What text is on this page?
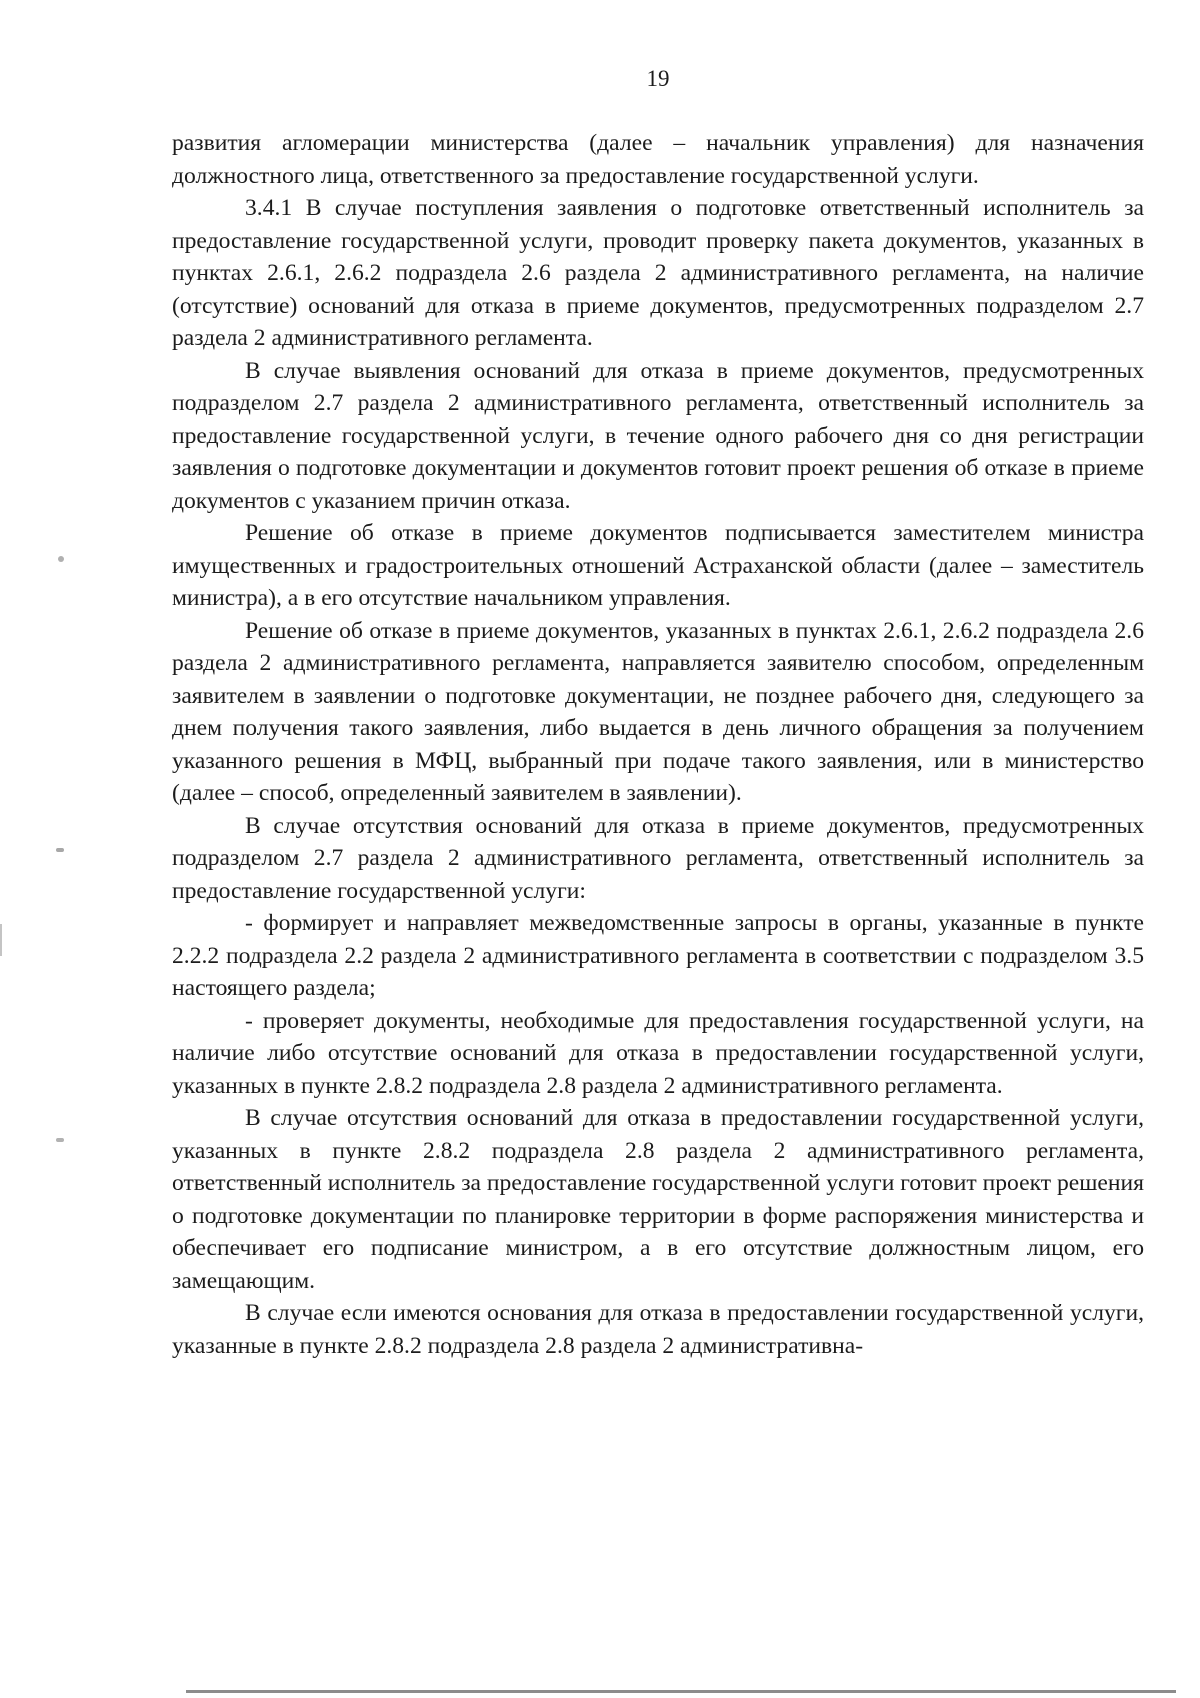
19

развития агломерации министерства (далее – начальник управления) для назначения должностного лица, ответственного за предоставление государственной услуги.

3.4.1 В случае поступления заявления о подготовке ответственный исполнитель за предоставление государственной услуги, проводит проверку пакета документов, указанных в пунктах 2.6.1, 2.6.2 подраздела 2.6 раздела 2 административного регламента, на наличие (отсутствие) оснований для отказа в приеме документов, предусмотренных подразделом 2.7 раздела 2 административного регламента.

В случае выявления оснований для отказа в приеме документов, предусмотренных подразделом 2.7 раздела 2 административного регламента, ответственный исполнитель за предоставление государственной услуги, в течение одного рабочего дня со дня регистрации заявления о подготовке документации и документов готовит проект решения об отказе в приеме документов с указанием причин отказа.

Решение об отказе в приеме документов подписывается заместителем министра имущественных и градостроительных отношений Астраханской области (далее – заместитель министра), а в его отсутствие начальником управления.

Решение об отказе в приеме документов, указанных в пунктах 2.6.1, 2.6.2 подраздела 2.6 раздела 2 административного регламента, направляется заявителю способом, определенным заявителем в заявлении о подготовке документации, не позднее рабочего дня, следующего за днем получения такого заявления, либо выдается в день личного обращения за получением указанного решения в МФЦ, выбранный при подаче такого заявления, или в министерство (далее – способ, определенный заявителем в заявлении).

В случае отсутствия оснований для отказа в приеме документов, предусмотренных подразделом 2.7 раздела 2 административного регламента, ответственный исполнитель за предоставление государственной услуги:

- формирует и направляет межведомственные запросы в органы, указанные в пункте 2.2.2 подраздела 2.2 раздела 2 административного регламента в соответствии с подразделом 3.5 настоящего раздела;

- проверяет документы, необходимые для предоставления государственной услуги, на наличие либо отсутствие оснований для отказа в предоставлении государственной услуги, указанных в пункте 2.8.2 подраздела 2.8 раздела 2 административного регламента.

В случае отсутствия оснований для отказа в предоставлении государственной услуги, указанных в пункте 2.8.2 подраздела 2.8 раздела 2 административного регламента, ответственный исполнитель за предоставление государственной услуги готовит проект решения о подготовке документации по планировке территории в форме распоряжения министерства и обеспечивает его подписание министром, а в его отсутствие должностным лицом, его замещающим.

В случае если имеются основания для отказа в предоставлении государственной услуги, указанные в пункте 2.8.2 подраздела 2.8 раздела 2 административна-
